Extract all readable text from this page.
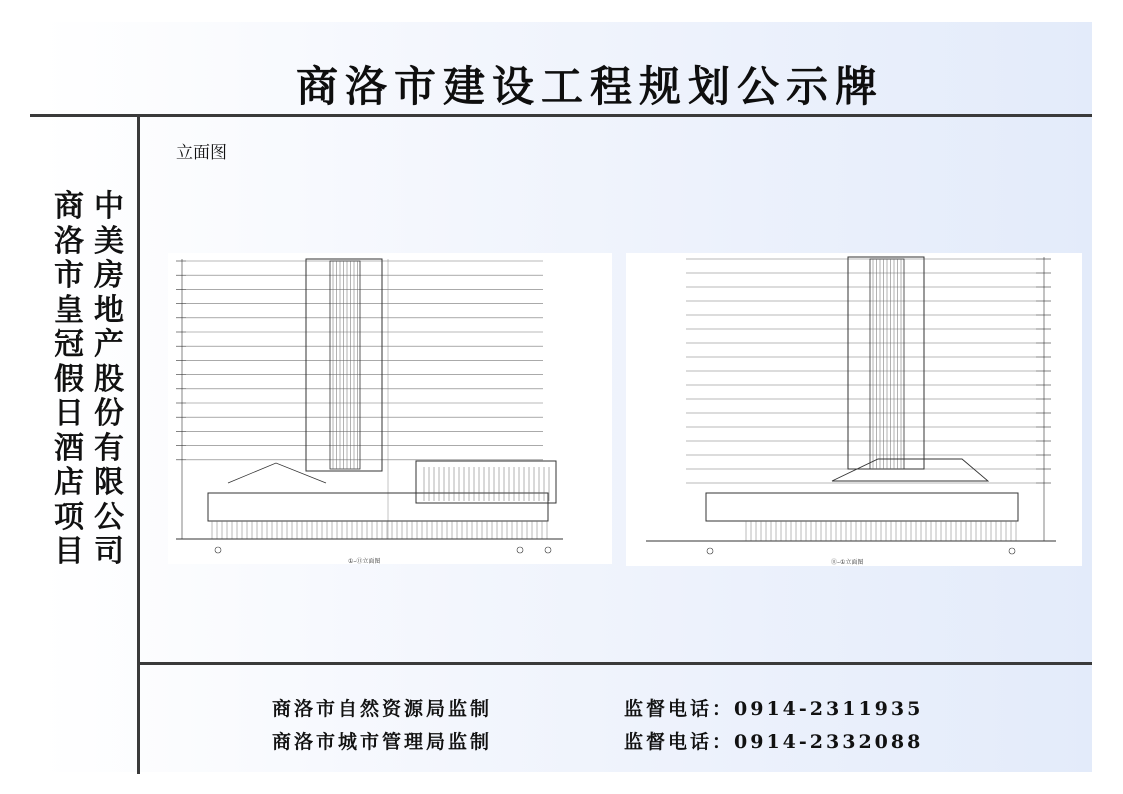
商洛市建设工程规划公示牌
中美房地产股份有限公司
商洛市皇冠假日酒店项目
立面图
①–⑪立面图	⑪–①立面图
商洛市自然资源局监制	监督电话：0914-2311935
商洛市城市管理局监制	监督电话：0914-2332088
